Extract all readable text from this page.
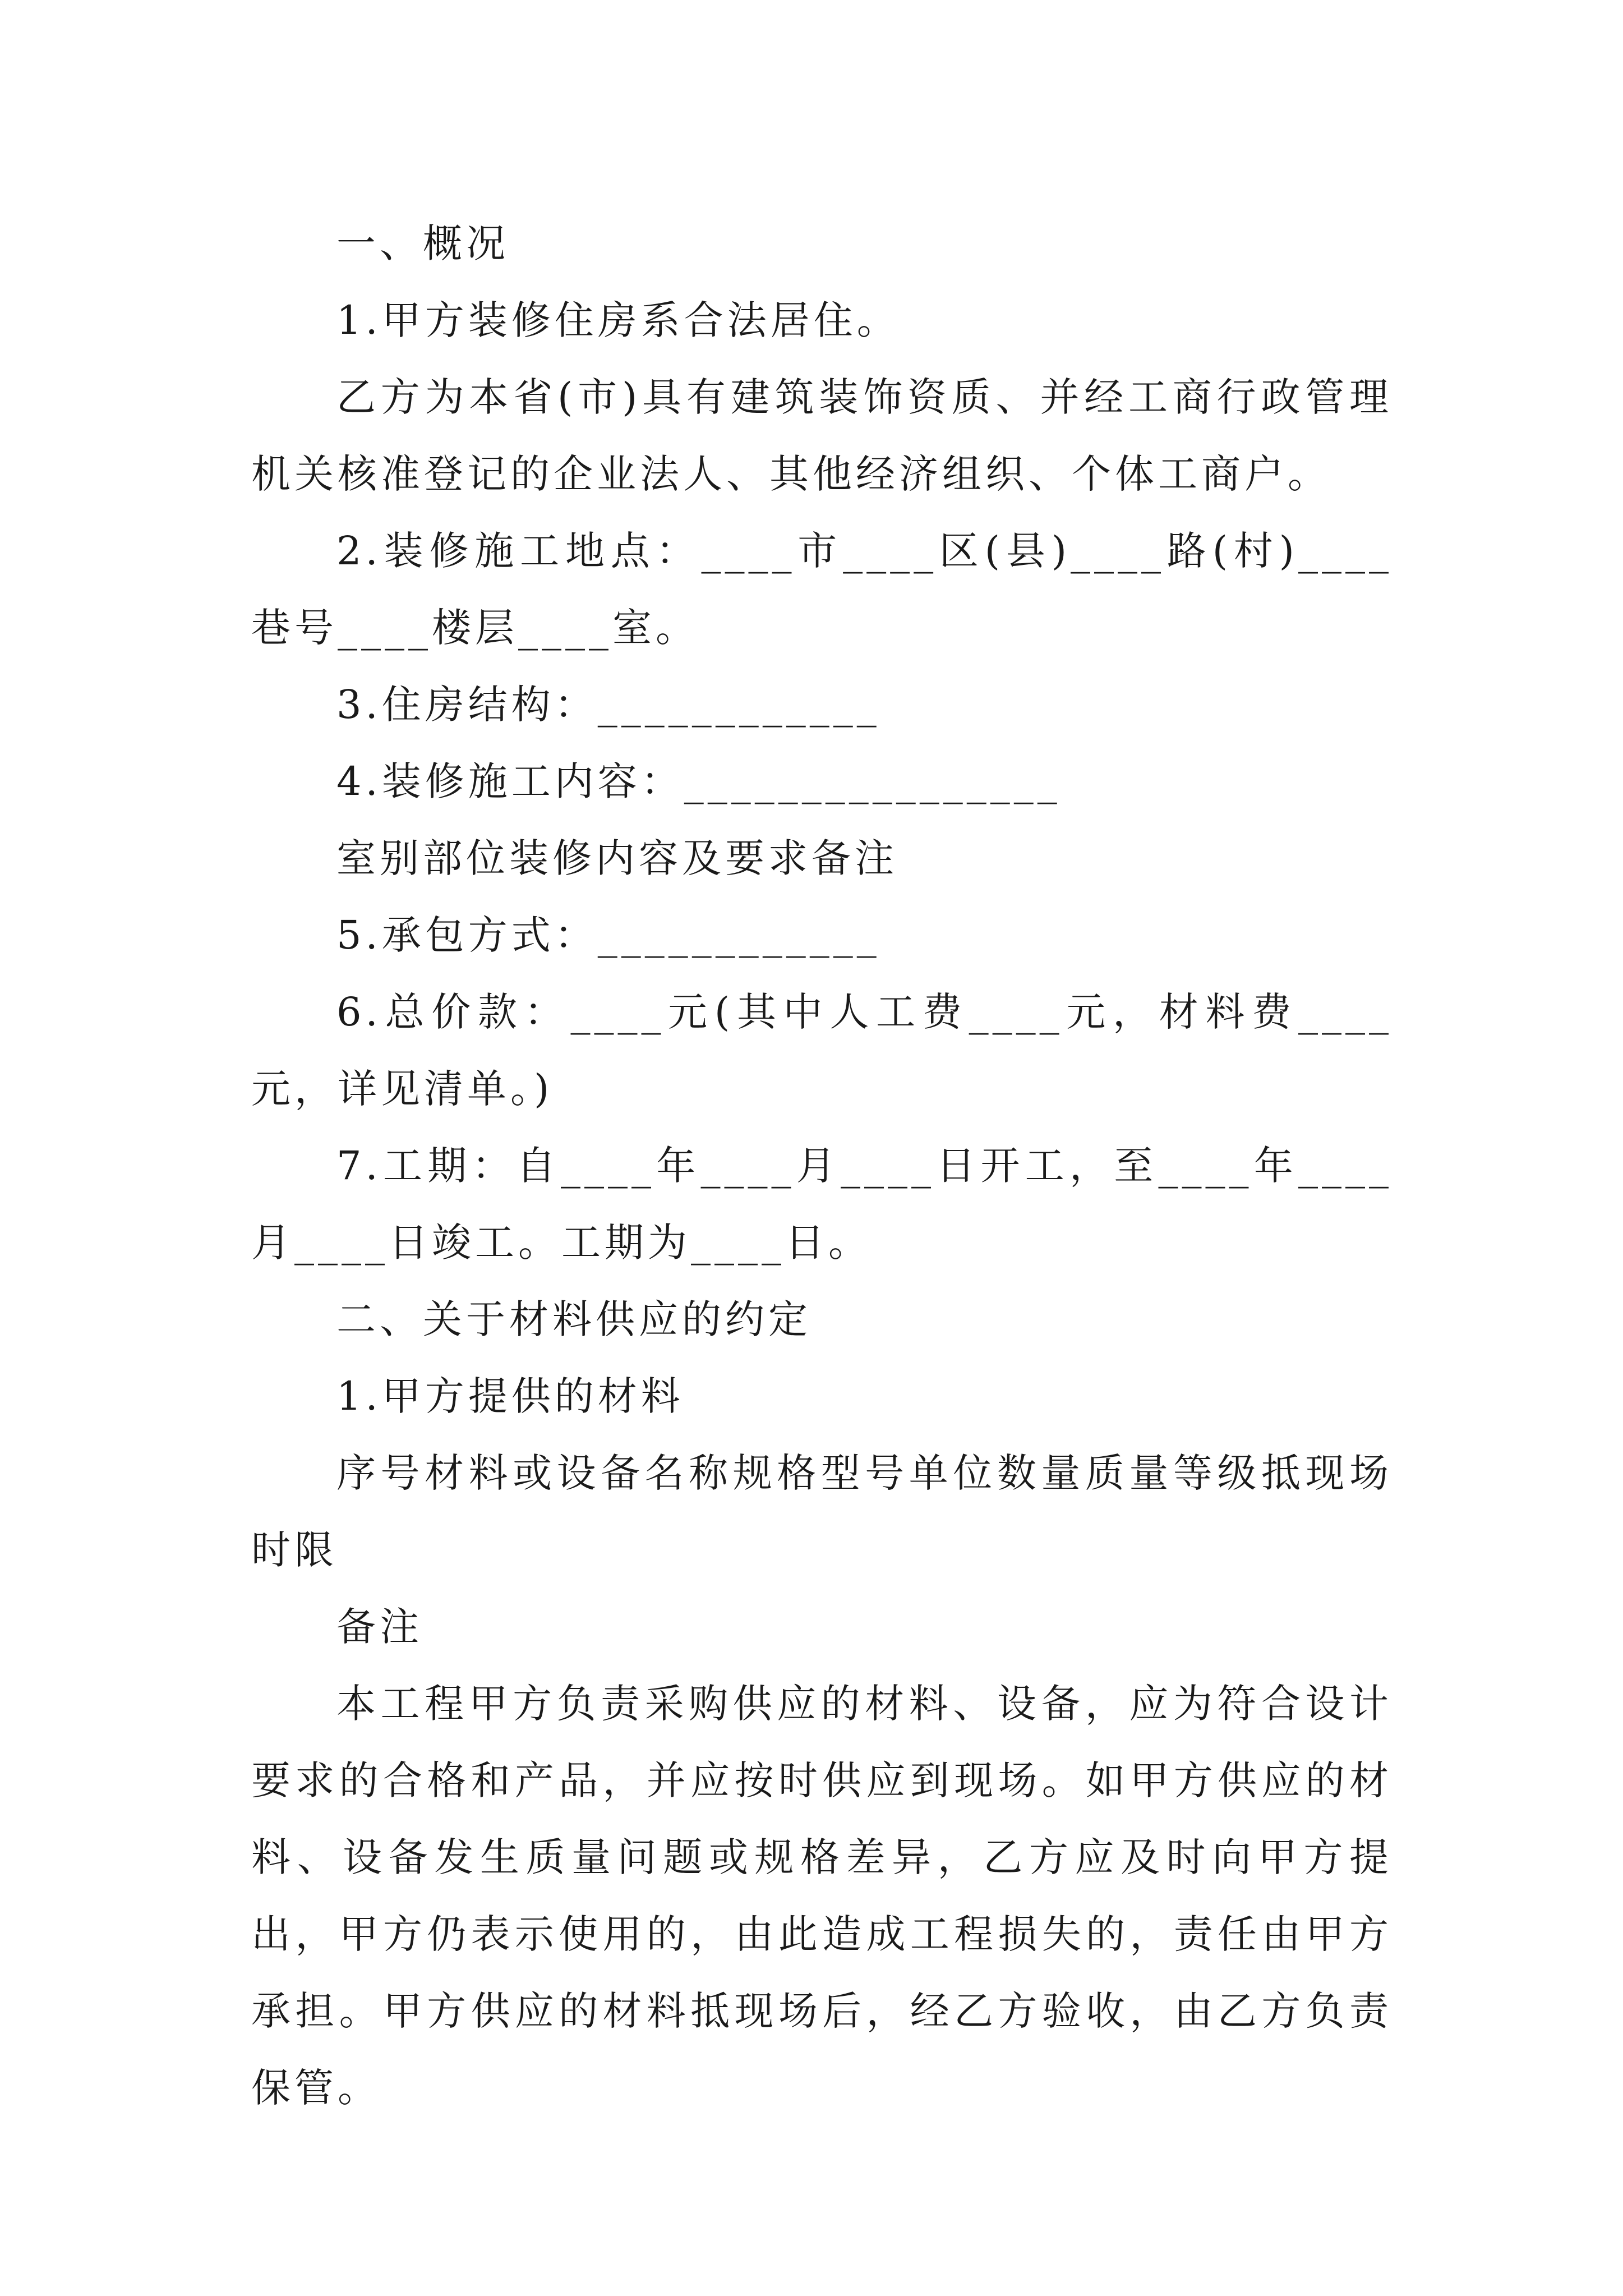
一、概况

1.甲方装修住房系合法居住。

乙方为本省(市)具有建筑装饰资质、并经工商行政管理机关核准登记的企业法人、其他经济组织、个体工商户。

2.装修施工地点：____市____区(县)____路(村)____巷号____楼层____室。

3.住房结构：____________

4.装修施工内容：________________

室别部位装修内容及要求备注

5.承包方式：____________

6.总价款：____元(其中人工费____元，材料费____元，详见清单。)

7.工期：自____年____月____日开工，至____年____月____日竣工。工期为____日。

二、关于材料供应的约定

1.甲方提供的材料

序号材料或设备名称规格型号单位数量质量等级抵现场时限

备注

本工程甲方负责采购供应的材料、设备，应为符合设计要求的合格和产品，并应按时供应到现场。如甲方供应的材料、设备发生质量问题或规格差异，乙方应及时向甲方提出，甲方仍表示使用的，由此造成工程损失的，责任由甲方承担。甲方供应的材料抵现场后，经乙方验收，由乙方负责保管。
